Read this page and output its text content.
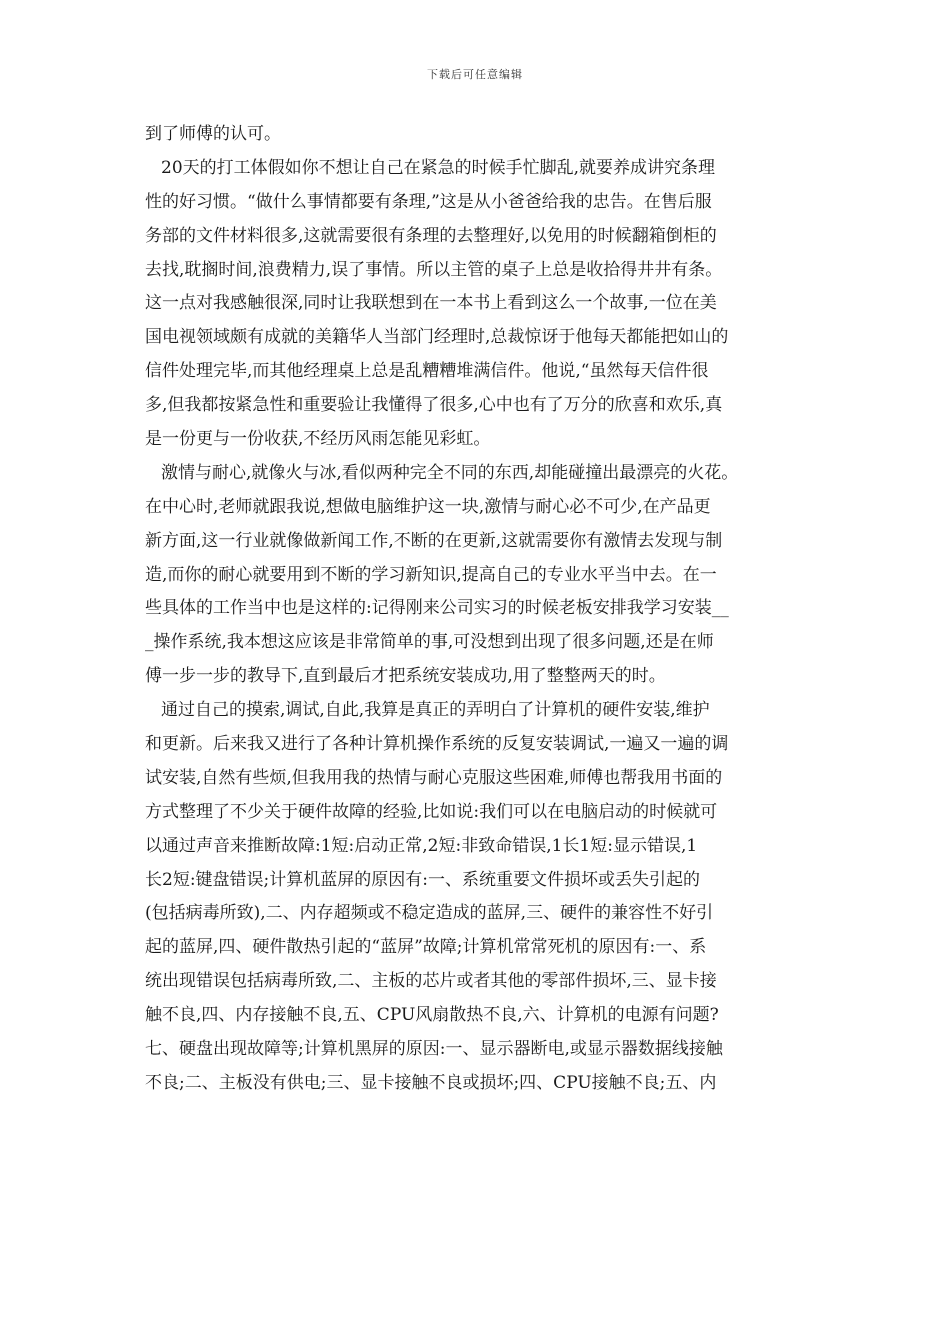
下载后可任意编辑
到了师傅的认可。
20天的打工体假如你不想让自己在紧急的时候手忙脚乱,就要养成讲究条理
性的好习惯。“做什么事情都要有条理,”这是从小爸爸给我的忠告。在售后服
务部的文件材料很多,这就需要很有条理的去整理好,以免用的时候翻箱倒柜的
去找,耽搁时间,浪费精力,误了事情。所以主管的桌子上总是收拾得井井有条。
这一点对我感触很深,同时让我联想到在一本书上看到这么一个故事,一位在美
国电视领域颇有成就的美籍华人当部门经理时,总裁惊讶于他每天都能把如山的
信件处理完毕,而其他经理桌上总是乱糟糟堆满信件。他说,“虽然每天信件很
多,但我都按紧急性和重要验让我懂得了很多,心中也有了万分的欣喜和欢乐,真
是一份更与一份收获,不经历风雨怎能见彩虹。
激情与耐心,就像火与冰,看似两种完全不同的东西,却能碰撞出最漂亮的火花。
在中心时,老师就跟我说,想做电脑维护这一块,激情与耐心必不可少,在产品更
新方面,这一行业就像做新闻工作,不断的在更新,这就需要你有激情去发现与制
造,而你的耐心就要用到不断的学习新知识,提高自己的专业水平当中去。在一
些具体的工作当中也是这样的:记得刚来公司实习的时候老板安排我学习安装__
_操作系统,我本想这应该是非常简单的事,可没想到出现了很多问题,还是在师
傅一步一步的教导下,直到最后才把系统安装成功,用了整整两天的时。
通过自己的摸索,调试,自此,我算是真正的弄明白了计算机的硬件安装,维护
和更新。后来我又进行了各种计算机操作系统的反复安装调试,一遍又一遍的调
试安装,自然有些烦,但我用我的热情与耐心克服这些困难,师傅也帮我用书面的
方式整理了不少关于硬件故障的经验,比如说:我们可以在电脑启动的时候就可
以通过声音来推断故障:1短:启动正常,2短:非致命错误,1长1短:显示错误,1
长2短:键盘错误;计算机蓝屏的原因有:一、系统重要文件损坏或丢失引起的
(包括病毒所致),二、内存超频或不稳定造成的蓝屏,三、硬件的兼容性不好引
起的蓝屏,四、硬件散热引起的“蓝屏”故障;计算机常常死机的原因有:一、系
统出现错误包括病毒所致,二、主板的芯片或者其他的零部件损坏,三、显卡接
触不良,四、内存接触不良,五、CPU风扇散热不良,六、计算机的电源有问题?
七、硬盘出现故障等;计算机黑屏的原因:一、显示器断电,或显示器数据线接触
不良;二、主板没有供电;三、显卡接触不良或损坏;四、CPU接触不良;五、内
